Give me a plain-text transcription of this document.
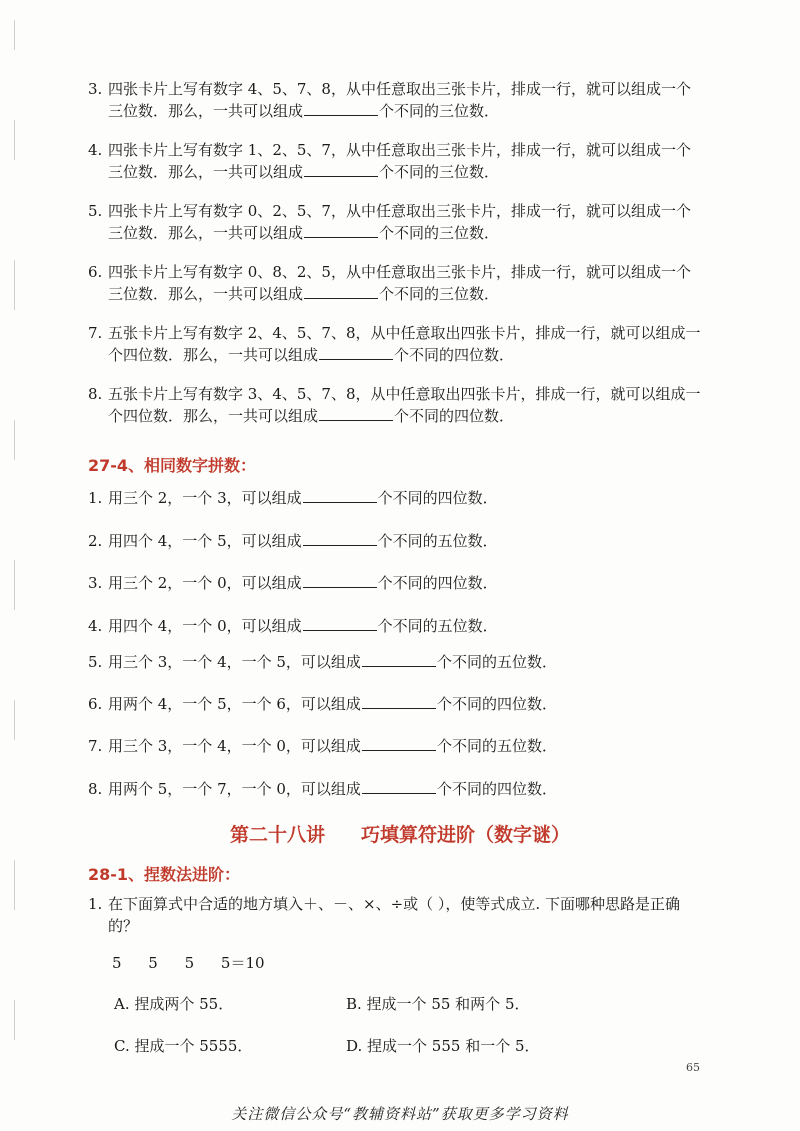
3. 四张卡片上写有数字 4、5、7、8，从中任意取出三张卡片，排成一行，就可以组成一个
三位数．那么，一共可以组成	个不同的三位数．
4. 四张卡片上写有数字 1、2、5、7，从中任意取出三张卡片，排成一行，就可以组成一个
三位数．那么，一共可以组成	个不同的三位数．
5. 四张卡片上写有数字 0、2、5、7，从中任意取出三张卡片，排成一行，就可以组成一个
三位数．那么，一共可以组成	个不同的三位数．
6. 四张卡片上写有数字 0、8、2、5，从中任意取出三张卡片，排成一行，就可以组成一个
三位数．那么，一共可以组成	个不同的三位数．
7. 五张卡片上写有数字 2、4、5、7、8，从中任意取出四张卡片，排成一行，就可以组成一
个四位数．那么，一共可以组成	个不同的四位数．
8. 五张卡片上写有数字 3、4、5、7、8，从中任意取出四张卡片，排成一行，就可以组成一
个四位数．那么，一共可以组成	个不同的四位数．
27-4、相同数字拼数：
1. 用三个 2，一个 3，可以组成	个不同的四位数．
2. 用四个 4，一个 5，可以组成	个不同的五位数．
3. 用三个 2，一个 0，可以组成	个不同的四位数．
4. 用四个 4，一个 0，可以组成	个不同的五位数．
5. 用三个 3，一个 4，一个 5，可以组成	个不同的五位数．
6. 用两个 4，一个 5，一个 6，可以组成	个不同的四位数．
7. 用三个 3，一个 4，一个 0，可以组成	个不同的五位数．
8. 用两个 5，一个 7，一个 0，可以组成	个不同的四位数．
第二十八讲 巧填算符进阶（数字谜）
28-1、捏数法进阶：
1. 在下面算式中合适的地方填入＋、－、×、÷或（ ），使等式成立. 下面哪种思路是正确
的？
5 5 5 5＝10
A. 捏成两个 55．	B. 捏成一个 55 和两个 5．
C. 捏成一个 5555．	D. 捏成一个 555 和一个 5．
65
关注微信公众号“教辅资料站”获取更多学习资料
